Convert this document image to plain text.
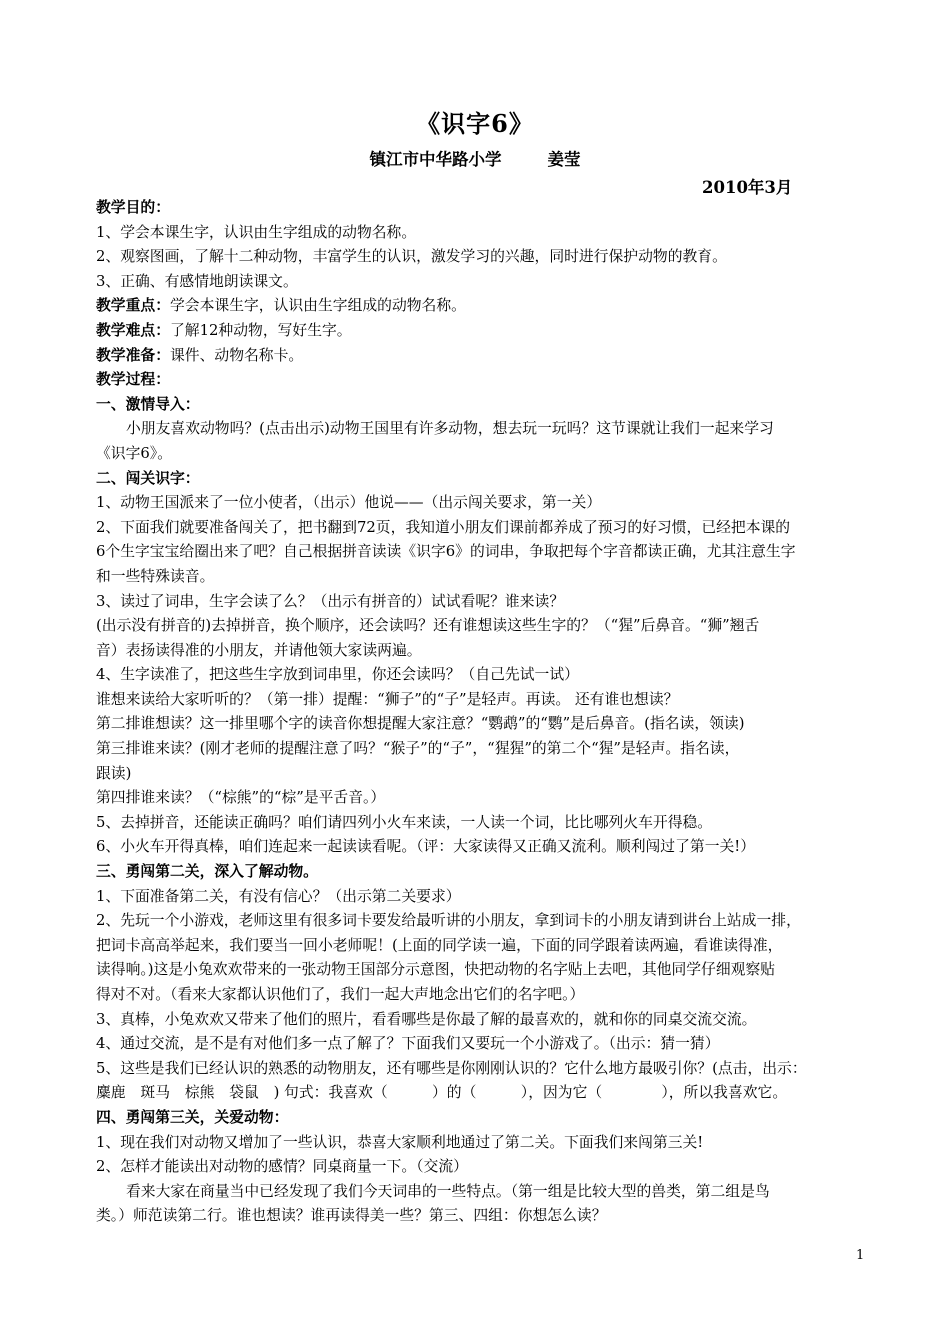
《识字6》
镇江市中华路小学	姜莹
2010年3月

教学目的：

1、学会本课生字，认识由生字组成的动物名称。

2、观察图画，了解十二种动物，丰富学生的认识，激发学习的兴趣，同时进行保护动物的教育。

3、正确、有感情地朗读课文。

教学重点：学会本课生字，认识由生字组成的动物名称。

教学难点：了解12种动物，写好生字。

教学准备：课件、动物名称卡。

教学过程：

一、激情导入：

小朋友喜欢动物吗？(点击出示)动物王国里有许多动物，想去玩一玩吗？这节课就让我们一起来学习

《识字6》。

二、闯关识字：

1、动物王国派来了一位小使者，（出示）他说——（出示闯关要求，第一关）

2、下面我们就要准备闯关了，把书翻到72页，我知道小朋友们课前都养成了预习的好习惯，已经把本课的

6个生字宝宝给圈出来了吧？自己根据拼音读读《识字6》的词串，争取把每个字音都读正确，尤其注意生字

和一些特殊读音。

3、读过了词串，生字会读了么？（出示有拼音的）试试看呢？谁来读？

(出示没有拼音的)去掉拼音，换个顺序，还会读吗？还有谁想读这些生字的？（“猩”后鼻音。“狮”翘舌

音）表扬读得准的小朋友，并请他领大家读两遍。

4、生字读准了，把这些生字放到词串里，你还会读吗？（自己先试一试）

谁想来读给大家听听的？（第一排）提醒：“狮子”的“子”是轻声。再读。 还有谁也想读？

第二排谁想读？这一排里哪个字的读音你想提醒大家注意？“鹦鹉”的“鹦”是后鼻音。(指名读，领读)

第三排谁来读？(刚才老师的提醒注意了吗？“猴子”的“子”，“猩猩”的第二个“猩”是轻声。指名读，

跟读)

第四排谁来读？（“棕熊”的“棕”是平舌音。）

5、去掉拼音，还能读正确吗？咱们请四列小火车来读，一人读一个词，比比哪列火车开得稳。

6、小火车开得真棒，咱们连起来一起读读看呢。（评：大家读得又正确又流利。顺利闯过了第一关!）

三、勇闯第二关，深入了解动物。

1、下面准备第二关，有没有信心？（出示第二关要求）

2、先玩一个小游戏，老师这里有很多词卡要发给最听讲的小朋友，拿到词卡的小朋友请到讲台上站成一排，

把词卡高高举起来，我们要当一回小老师呢！(上面的同学读一遍，下面的同学跟着读两遍，看谁读得准，

读得响。)这是小兔欢欢带来的一张动物王国部分示意图，快把动物的名字贴上去吧，其他同学仔细观察贴

得对不对。（看来大家都认识他们了，我们一起大声地念出它们的名字吧。）

3、真棒，小兔欢欢又带来了他们的照片，看看哪些是你最了解的最喜欢的，就和你的同桌交流交流。

4、通过交流，是不是有对他们多一点了解了？下面我们又要玩一个小游戏了。（出示：猜一猜）

5、这些是我们已经认识的熟悉的动物朋友，还有哪些是你刚刚认识的？它什么地方最吸引你？(点击，出示：

麋鹿　斑马　棕熊　袋鼠　) 句式：我喜欢（　　　）的（　　　），因为它（　　　　），所以我喜欢它。

四、勇闯第三关，关爱动物：

1、现在我们对动物又增加了一些认识，恭喜大家顺利地通过了第二关。下面我们来闯第三关!

2、怎样才能读出对动物的感情？同桌商量一下。（交流）

看来大家在商量当中已经发现了我们今天词串的一些特点。（第一组是比较大型的兽类，第二组是鸟

类。）师范读第二行。谁也想读？谁再读得美一些？第三、四组：你想怎么读？

1
